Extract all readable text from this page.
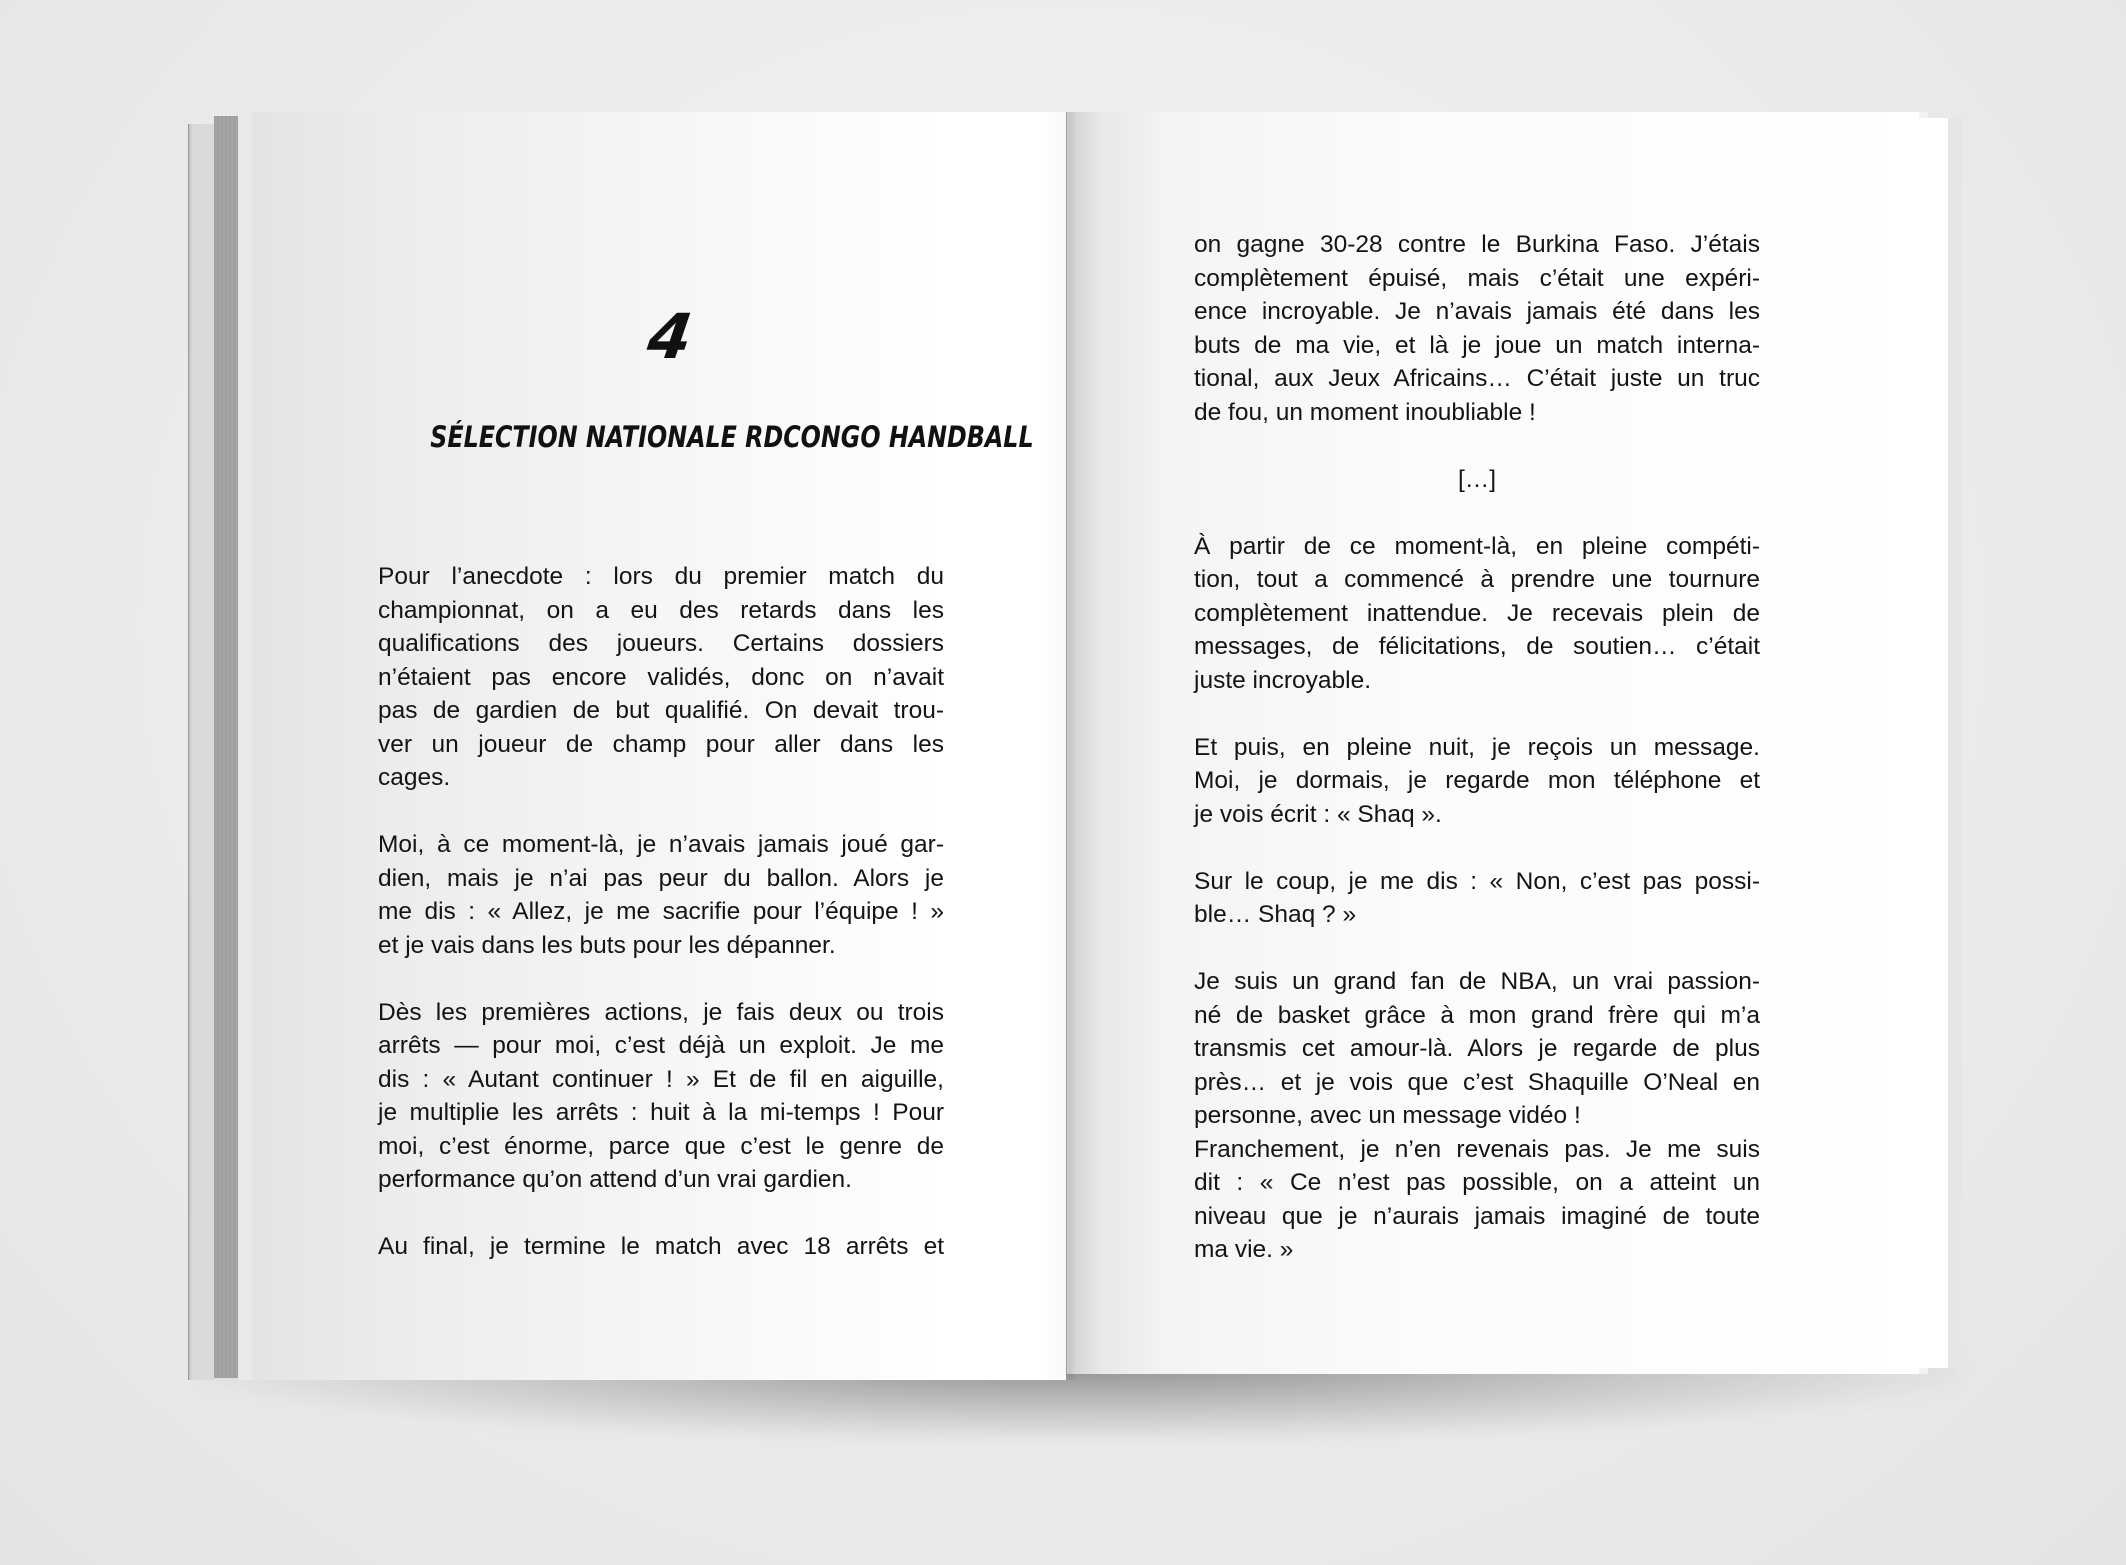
4
SÉLECTION NATIONALE RDCONGO HANDBALL

Pour l’anecdote : lors du premier match du
championnat, on a eu des retards dans les
qualifications des joueurs. Certains dossiers
n’étaient pas encore validés, donc on n’avait
pas de gardien de but qualifié. On devait trou-
ver un joueur de champ pour aller dans les
cages.

Moi, à ce moment-là, je n’avais jamais joué gar-
dien, mais je n’ai pas peur du ballon. Alors je
me dis : « Allez, je me sacrifie pour l’équipe ! »
et je vais dans les buts pour les dépanner.

Dès les premières actions, je fais deux ou trois
arrêts — pour moi, c’est déjà un exploit. Je me
dis : « Autant continuer ! » Et de fil en aiguille,
je multiplie les arrêts : huit à la mi-temps ! Pour
moi, c’est énorme, parce que c’est le genre de
performance qu’on attend d’un vrai gardien.

Au final, je termine le match avec 18 arrêts et

on gagne 30-28 contre le Burkina Faso. J’étais
complètement épuisé, mais c’était une expéri-
ence incroyable. Je n’avais jamais été dans les
buts de ma vie, et là je joue un match interna-
tional, aux Jeux Africains… C’était juste un truc
de fou, un moment inoubliable !

[…]

À partir de ce moment-là, en pleine compéti-
tion, tout a commencé à prendre une tournure
complètement inattendue. Je recevais plein de
messages, de félicitations, de soutien… c’était
juste incroyable.

Et puis, en pleine nuit, je reçois un message.
Moi, je dormais, je regarde mon téléphone et
je vois écrit : « Shaq ».

Sur le coup, je me dis : « Non, c’est pas possi-
ble… Shaq ? »

Je suis un grand fan de NBA, un vrai passion-
né de basket grâce à mon grand frère qui m’a
transmis cet amour-là. Alors je regarde de plus
près… et je vois que c’est Shaquille O’Neal en
personne, avec un message vidéo !
Franchement, je n’en revenais pas. Je me suis
dit : « Ce n’est pas possible, on a atteint un
niveau que je n’aurais jamais imaginé de toute
ma vie. »
